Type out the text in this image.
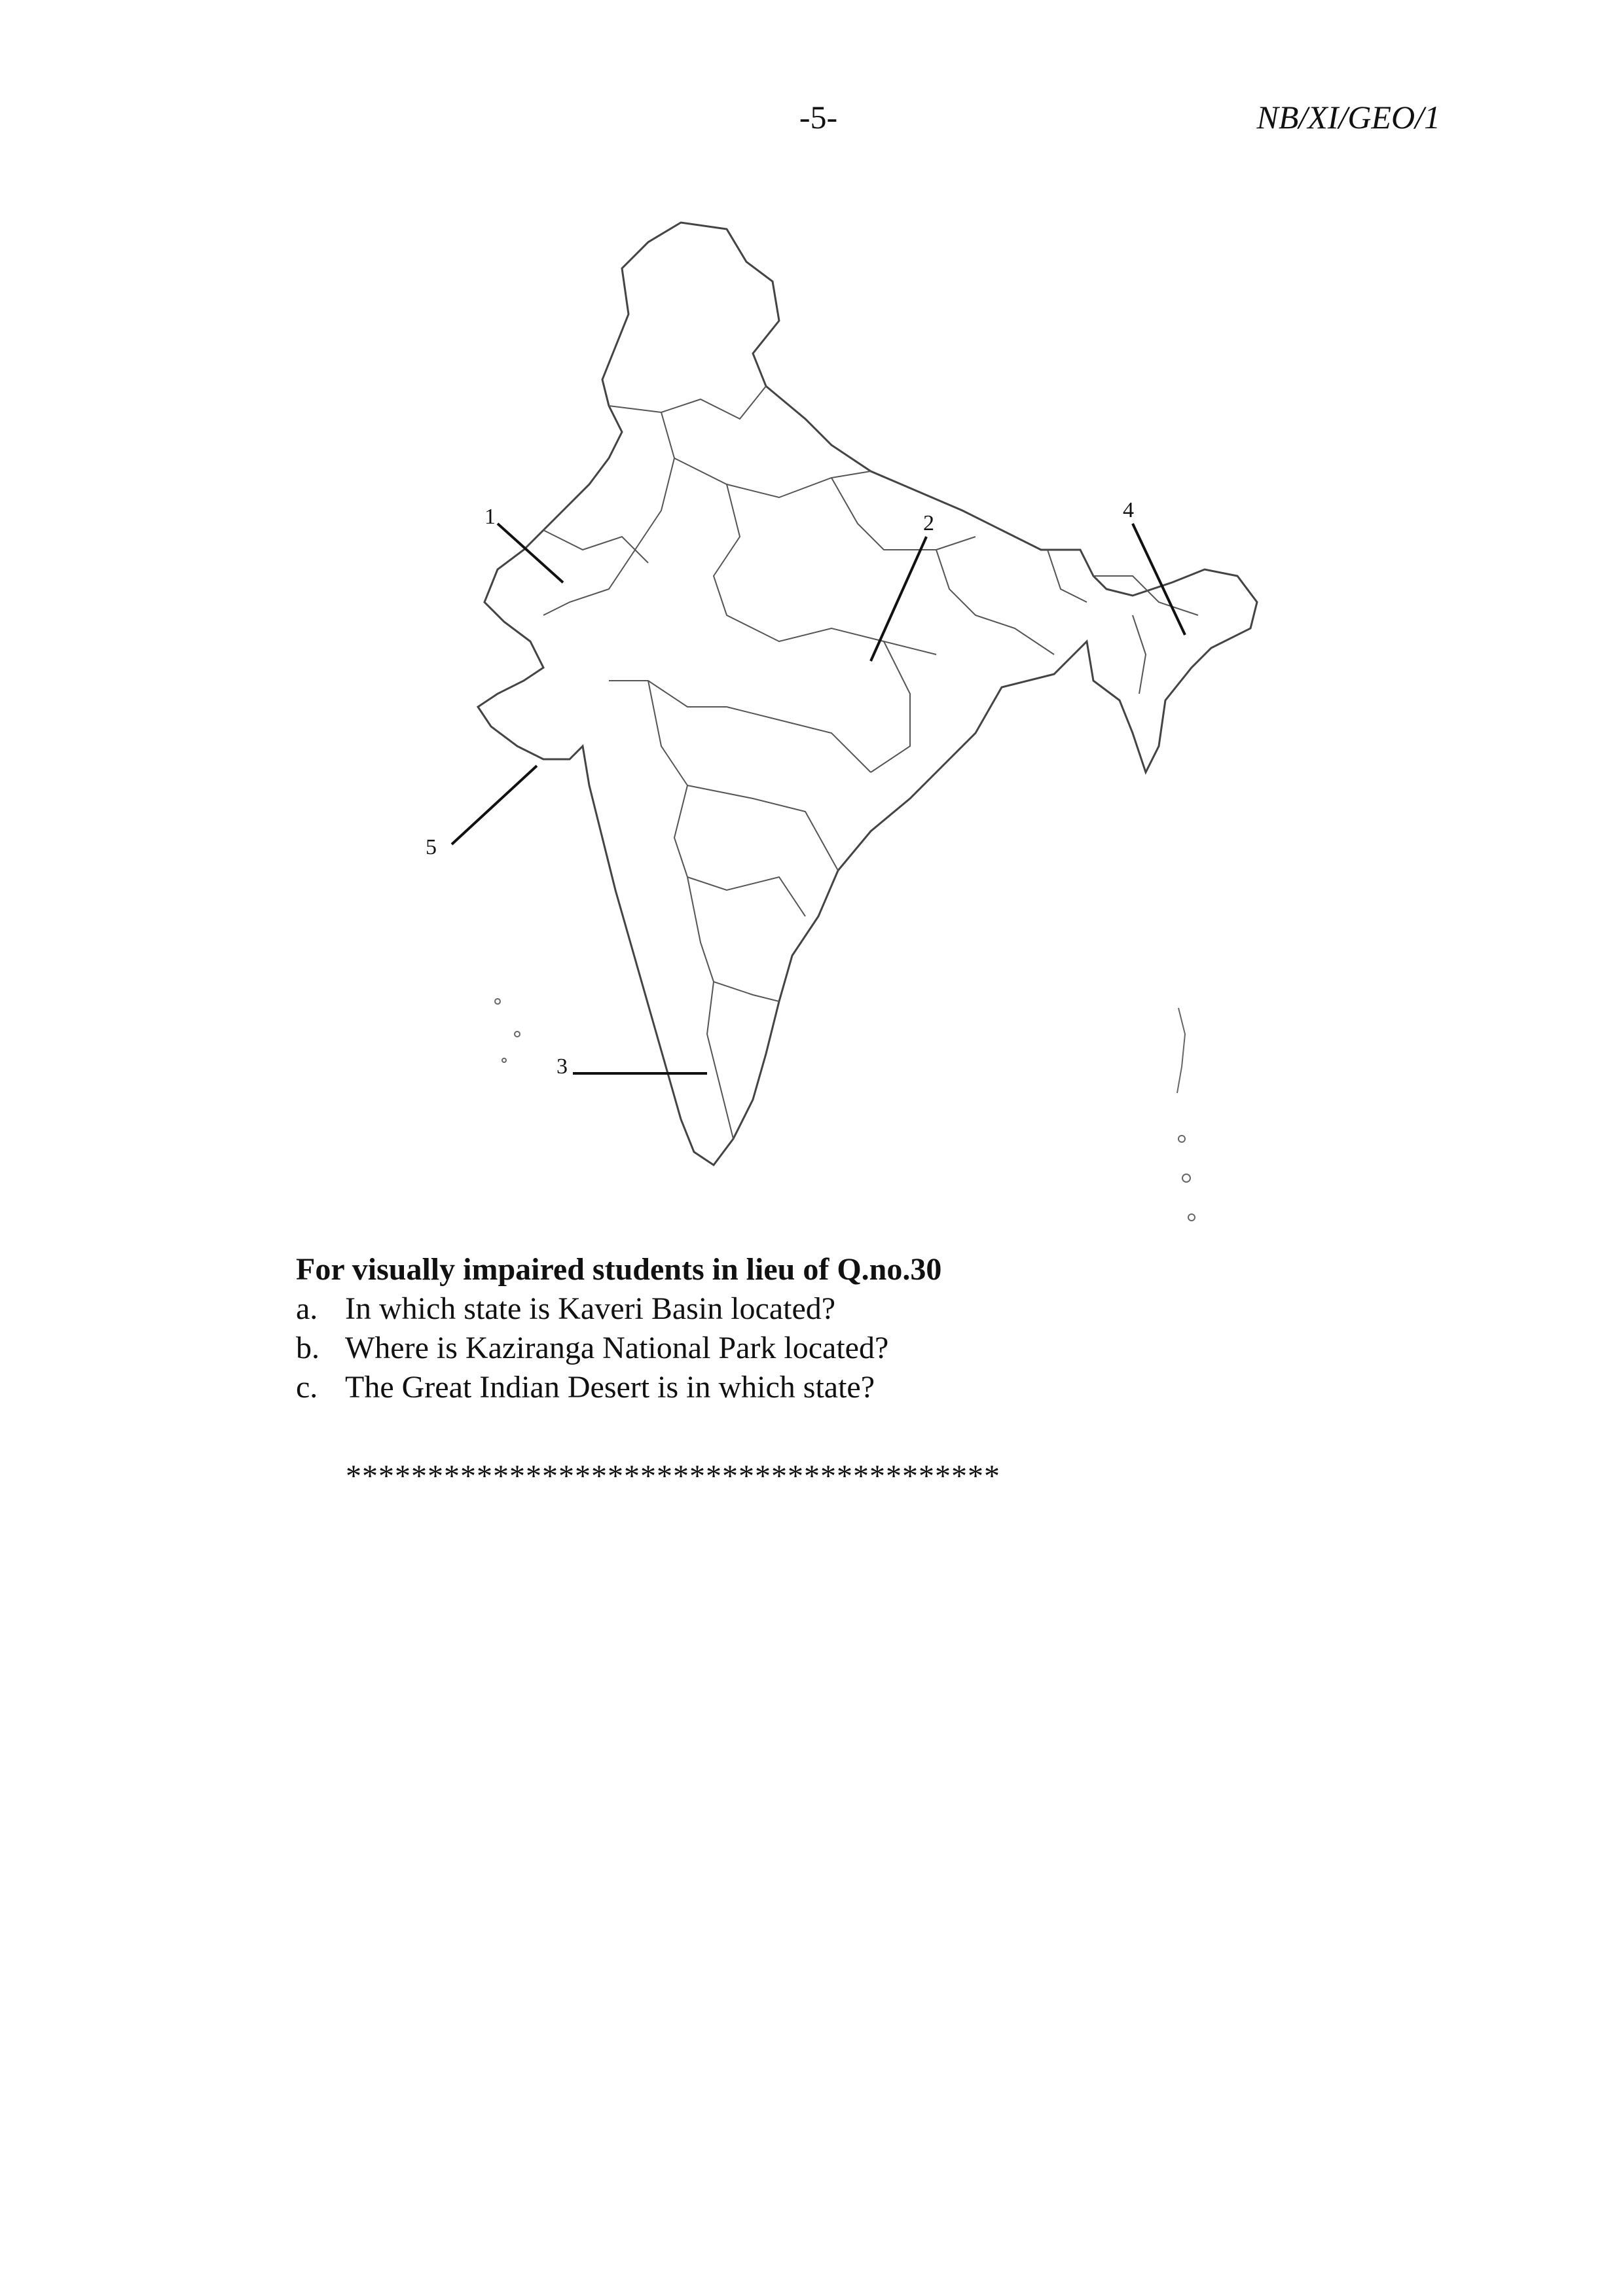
-5-	NB/XI/GEO/1
1	2
3
4
5

For visually impaired students in lieu of Q.no.30

a. In which state is Kaveri Basin located?
b. Where is Kaziranga National Park located?
c. The Great Indian Desert is in which state?
****************************************
